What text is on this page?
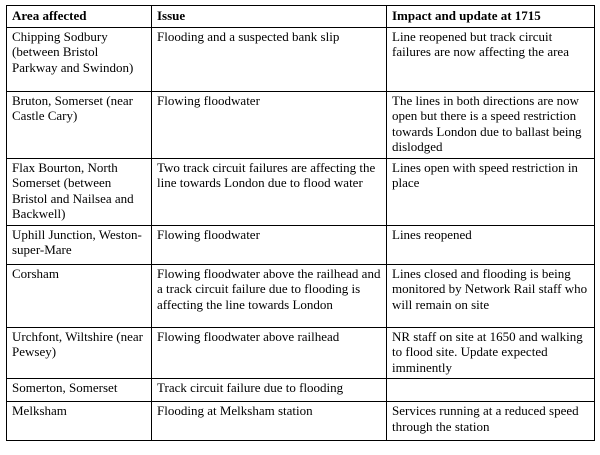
Area affected	Issue	Impact and update at 1715
Chipping Sodbury (between Bristol Parkway and Swindon)	Flooding and a suspected bank slip	Line reopened but track circuit failures are now affecting the area
Bruton, Somerset (near Castle Cary)	Flowing floodwater	The lines in both directions are now open but there is a speed restriction towards London due to ballast being dislodged
Flax Bourton, North Somerset (between Bristol and Nailsea and Backwell)	Two track circuit failures are affecting the line towards London due to flood water	Lines open with speed restriction in place
Uphill Junction, Weston-super-Mare	Flowing floodwater	Lines reopened
Corsham	Flowing floodwater above the railhead and a track circuit failure due to flooding is affecting the line towards London	Lines closed and flooding is being monitored by Network Rail staff who will remain on site
Urchfont, Wiltshire (near Pewsey)	Flowing floodwater above railhead	NR staff on site at 1650 and walking to flood site. Update expected imminently
Somerton, Somerset	Track circuit failure due to flooding	
Melksham	Flooding at Melksham station	Services running at a reduced speed through the station
